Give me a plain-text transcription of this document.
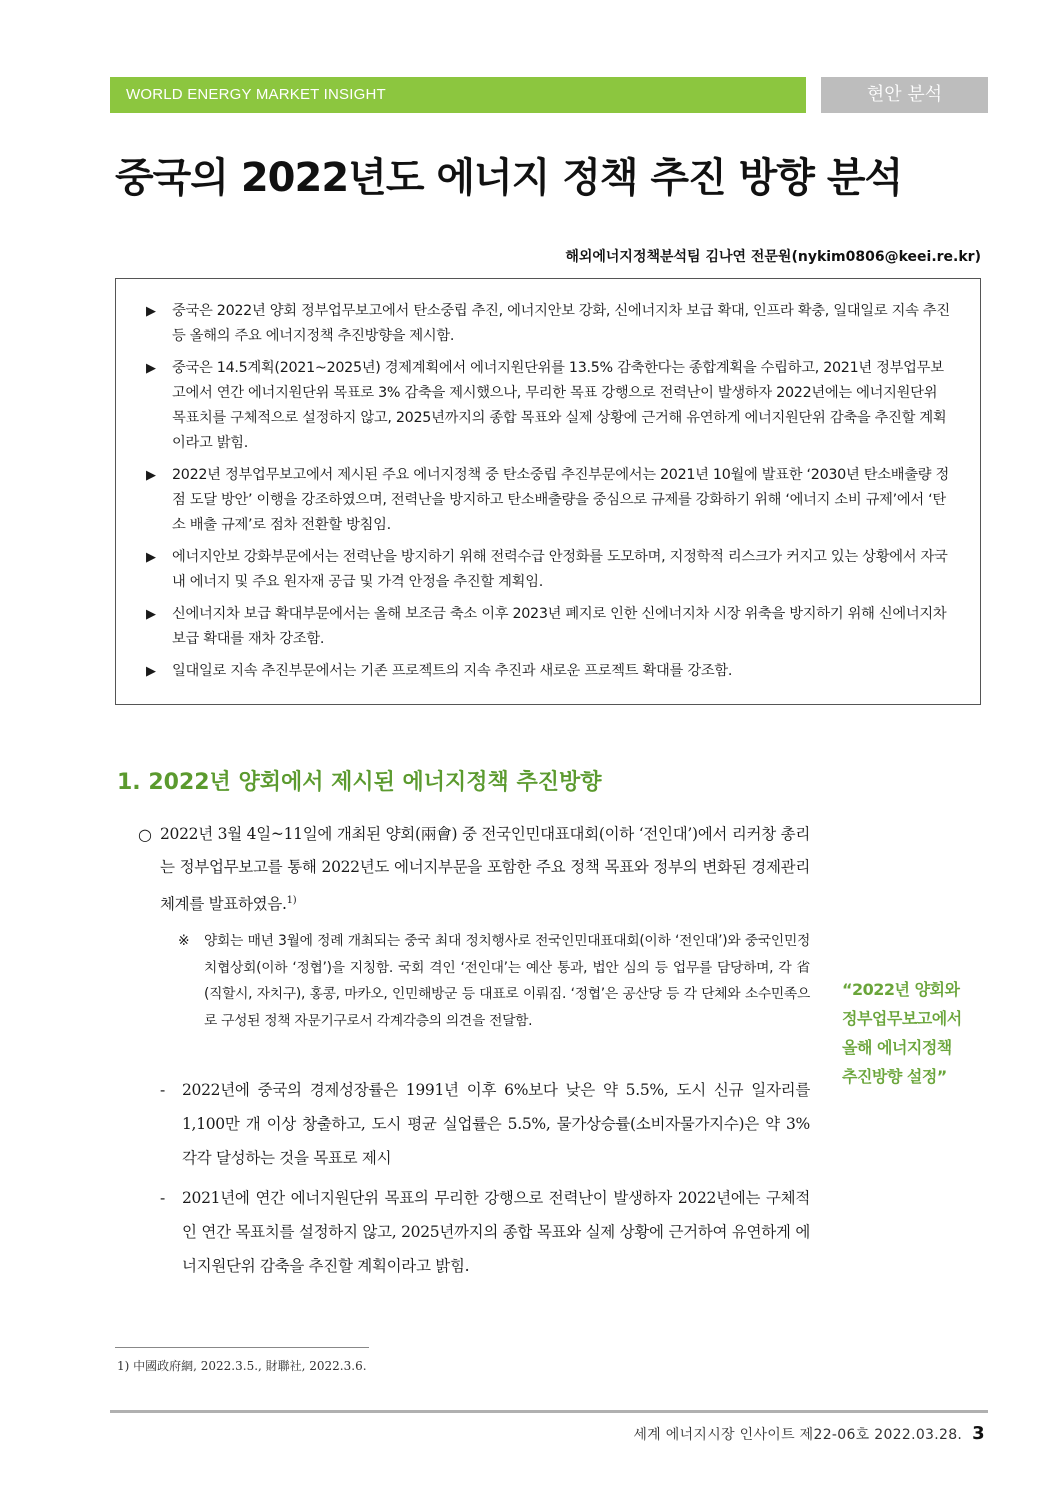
WORLD ENERGY MARKET INSIGHT	현안 분석
중국의 2022년도 에너지 정책 추진 방향 분석
해외에너지정책분석팀 김나연 전문원(nykim0806@keei.re.kr)
▶ 중국은 2022년 양회 정부업무보고에서 탄소중립 추진, 에너지안보 강화, 신에너지차 보급 확대, 인프라 확충, 일대일로 지속 추진 등 올해의 주요 에너지정책 추진방향을 제시함.
▶ 중국은 14.5계획(2021~2025년) 경제계획에서 에너지원단위를 13.5% 감축한다는 종합계획을 수립하고, 2021년 정부업무보고에서 연간 에너지원단위 목표로 3% 감축을 제시했으나, 무리한 목표 강행으로 전력난이 발생하자 2022년에는 에너지원단위 목표치를 구체적으로 설정하지 않고, 2025년까지의 종합 목표와 실제 상황에 근거해 유연하게 에너지원단위 감축을 추진할 계획이라고 밝힘.
▶ 2022년 정부업무보고에서 제시된 주요 에너지정책 중 탄소중립 추진부문에서는 2021년 10월에 발표한 ‘2030년 탄소배출량 정점 도달 방안’ 이행을 강조하였으며, 전력난을 방지하고 탄소배출량을 중심으로 규제를 강화하기 위해 ‘에너지 소비 규제’에서 ‘탄소 배출 규제’로 점차 전환할 방침임.
▶ 에너지안보 강화부문에서는 전력난을 방지하기 위해 전력수급 안정화를 도모하며, 지정학적 리스크가 커지고 있는 상황에서 자국 내 에너지 및 주요 원자재 공급 및 가격 안정을 추진할 계획임.
▶ 신에너지차 보급 확대부문에서는 올해 보조금 축소 이후 2023년 폐지로 인한 신에너지차 시장 위축을 방지하기 위해 신에너지차 보급 확대를 재차 강조함.
▶ 일대일로 지속 추진부문에서는 기존 프로젝트의 지속 추진과 새로운 프로젝트 확대를 강조함.
1. 2022년 양회에서 제시된 에너지정책 추진방향
○ 2022년 3월 4일~11일에 개최된 양회(兩會) 중 전국인민대표대회(이하 ‘전인대’)에서 리커창 총리는 정부업무보고를 통해 2022년도 에너지부문을 포함한 주요 정책 목표와 정부의 변화된 경제관리 체계를 발표하였음.$^{1)}$
※	양회는 매년 3월에 정례 개최되는 중국 최대 정치행사로 전국인민대표대회(이하 ‘전인대’)와 중국인민정치협상회(이하 ‘정협’)을 지칭함. 국회 격인 ‘전인대’는 예산 통과, 법안 심의 등 업무를 담당하며, 각 省(직할시, 자치구), 홍콩, 마카오, 인민해방군 등 대표로 이뤄짐. ‘정협’은 공산당 등 각 단체와 소수민족으로 구성된 정책 자문기구로서 각계각층의 의견을 전달함.
“2022년 양회와
정부업무보고에서
올해 에너지정책
추진방향 설정”
-	2022년에 중국의 경제성장률은 1991년 이후 6%보다 낮은 약 5.5%, 도시 신규 일자리를 1,100만 개 이상 창출하고, 도시 평균 실업률은 5.5%, 물가상승률(소비자물가지수)은 약 3% 각각 달성하는 것을 목표로 제시
-	2021년에 연간 에너지원단위 목표의 무리한 강행으로 전력난이 발생하자 2022년에는 구체적인 연간 목표치를 설정하지 않고, 2025년까지의 종합 목표와 실제 상황에 근거하여 유연하게 에너지원단위 감축을 추진할 계획이라고 밝힘.
1) 中國政府網, 2022.3.5., 財聯社, 2022.3.6.
세계 에너지시장 인사이트 제22-06호 2022.03.28. 3
